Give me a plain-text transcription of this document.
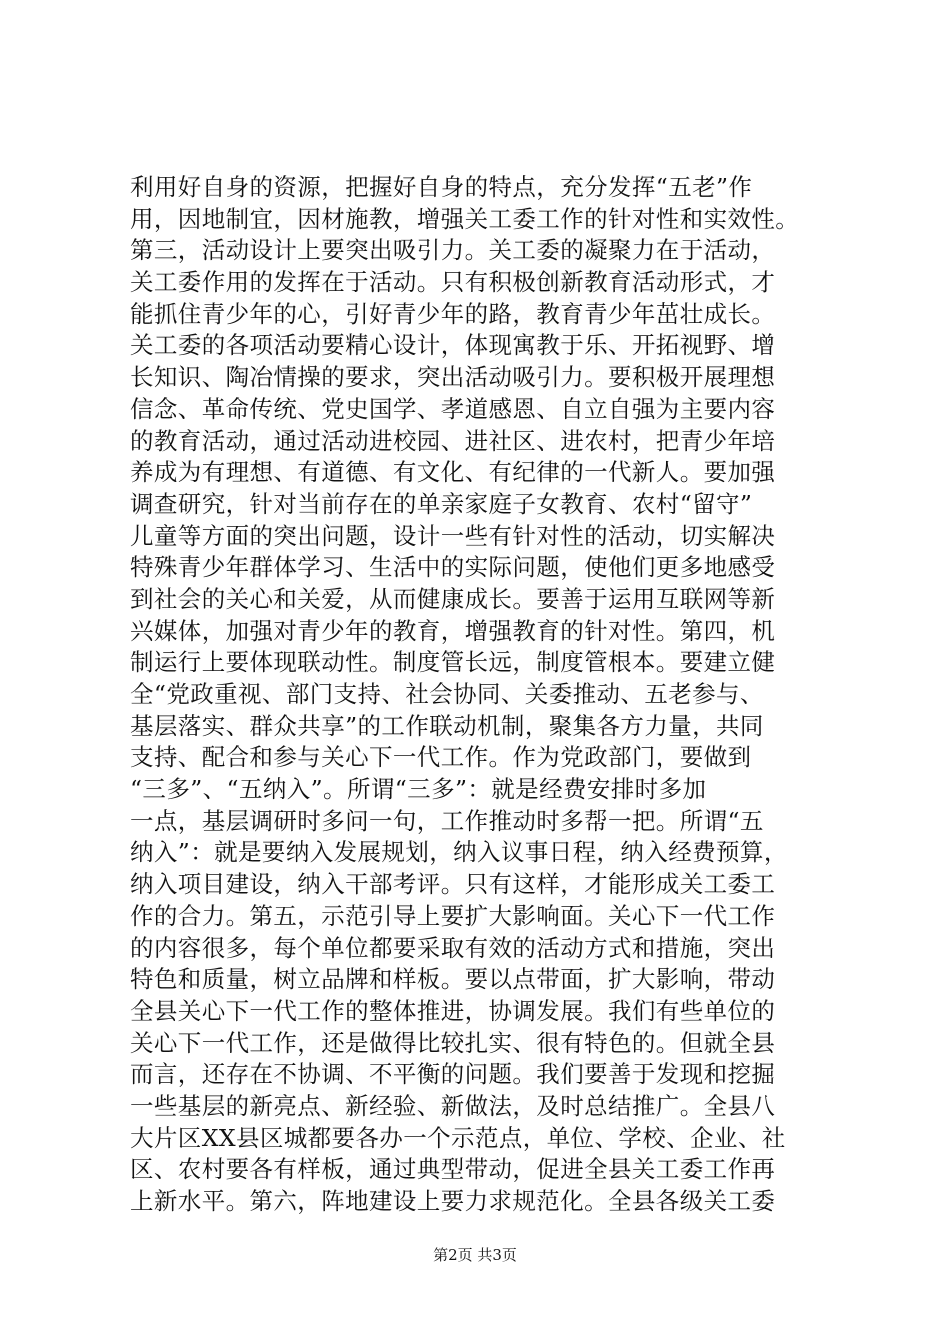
利用好自身的资源，把握好自身的特点，充分发挥“五老”作
用，因地制宜，因材施教，增强关工委工作的针对性和实效性。
第三，活动设计上要突出吸引力。关工委的凝聚力在于活动，
关工委作用的发挥在于活动。只有积极创新教育活动形式，才
能抓住青少年的心，引好青少年的路，教育青少年茁壮成长。
关工委的各项活动要精心设计，体现寓教于乐、开拓视野、增
长知识、陶冶情操的要求，突出活动吸引力。要积极开展理想
信念、革命传统、党史国学、孝道感恩、自立自强为主要内容
的教育活动，通过活动进校园、进社区、进农村，把青少年培
养成为有理想、有道德、有文化、有纪律的一代新人。要加强
调查研究，针对当前存在的单亲家庭子女教育、农村“留守”
儿童等方面的突出问题，设计一些有针对性的活动，切实解决
特殊青少年群体学习、生活中的实际问题，使他们更多地感受
到社会的关心和关爱，从而健康成长。要善于运用互联网等新
兴媒体，加强对青少年的教育，增强教育的针对性。第四，机
制运行上要体现联动性。制度管长远，制度管根本。要建立健
全“党政重视、部门支持、社会协同、关委推动、五老参与、
基层落实、群众共享”的工作联动机制，聚集各方力量，共同
支持、配合和参与关心下一代工作。作为党政部门，要做到
“三多”、“五纳入”。所谓“三多”：就是经费安排时多加
一点，基层调研时多问一句，工作推动时多帮一把。所谓“五
纳入”：就是要纳入发展规划，纳入议事日程，纳入经费预算，
纳入项目建设，纳入干部考评。只有这样，才能形成关工委工
作的合力。第五，示范引导上要扩大影响面。关心下一代工作
的内容很多，每个单位都要采取有效的活动方式和措施，突出
特色和质量，树立品牌和样板。要以点带面，扩大影响，带动
全县关心下一代工作的整体推进，协调发展。我们有些单位的
关心下一代工作，还是做得比较扎实、很有特色的。但就全县
而言，还存在不协调、不平衡的问题。我们要善于发现和挖掘
一些基层的新亮点、新经验、新做法，及时总结推广。全县八
大片区XX县区城都要各办一个示范点，单位、学校、企业、社
区、农村要各有样板，通过典型带动，促进全县关工委工作再
上新水平。第六，阵地建设上要力求规范化。全县各级关工委
第2页 共3页
